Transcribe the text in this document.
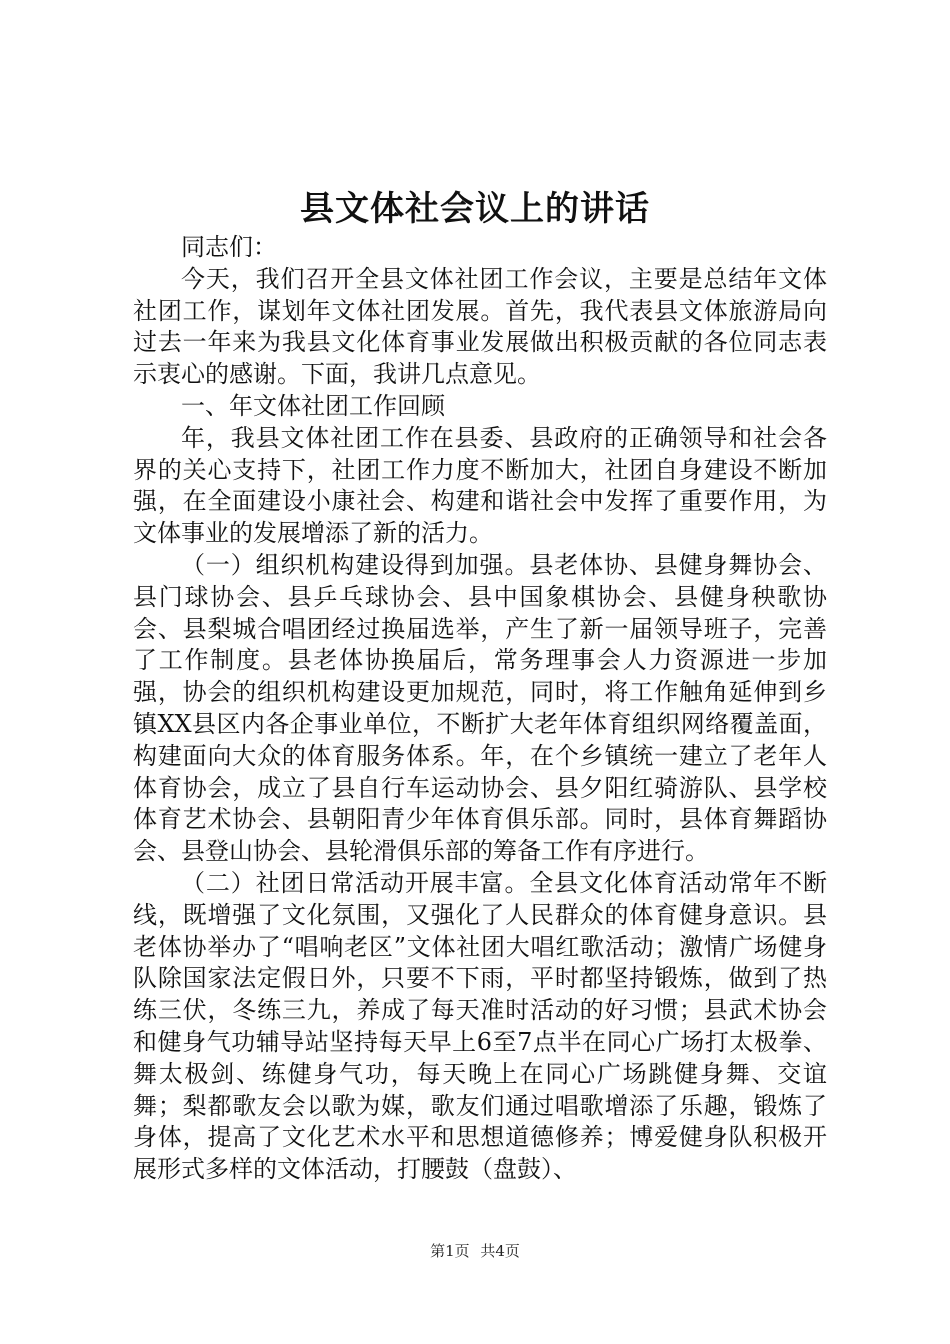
县文体社会议上的讲话

同志们：

今天，我们召开全县文体社团工作会议，主要是总结年文体社团工作，谋划年文体社团发展。首先，我代表县文体旅游局向过去一年来为我县文化体育事业发展做出积极贡献的各位同志表示衷心的感谢。下面，我讲几点意见。

一、年文体社团工作回顾

年，我县文体社团工作在县委、县政府的正确领导和社会各界的关心支持下，社团工作力度不断加大，社团自身建设不断加强，在全面建设小康社会、构建和谐社会中发挥了重要作用，为文体事业的发展增添了新的活力。

（一）组织机构建设得到加强。县老体协、县健身舞协会、县门球协会、县乒乓球协会、县中国象棋协会、县健身秧歌协会、县梨城合唱团经过换届选举，产生了新一届领导班子，完善了工作制度。县老体协换届后，常务理事会人力资源进一步加强，协会的组织机构建设更加规范，同时，将工作触角延伸到乡镇XX县区内各企事业单位，不断扩大老年体育组织网络覆盖面，构建面向大众的体育服务体系。年，在个乡镇统一建立了老年人体育协会，成立了县自行车运动协会、县夕阳红骑游队、县学校体育艺术协会、县朝阳青少年体育俱乐部。同时，县体育舞蹈协会、县登山协会、县轮滑俱乐部的筹备工作有序进行。

（二）社团日常活动开展丰富。全县文化体育活动常年不断线，既增强了文化氛围，又强化了人民群众的体育健身意识。县老体协举办了“唱响老区”文体社团大唱红歌活动；激情广场健身队除国家法定假日外，只要不下雨，平时都坚持锻炼，做到了热练三伏，冬练三九，养成了每天准时活动的好习惯；县武术协会和健身气功辅导站坚持每天早上6至7点半在同心广场打太极拳、舞太极剑、练健身气功，每天晚上在同心广场跳健身舞、交谊舞；梨都歌友会以歌为媒，歌友们通过唱歌增添了乐趣，锻炼了身体，提高了文化艺术水平和思想道德修养；博爱健身队积极开展形式多样的文体活动，打腰鼓（盘鼓）、

第1页 共4页
